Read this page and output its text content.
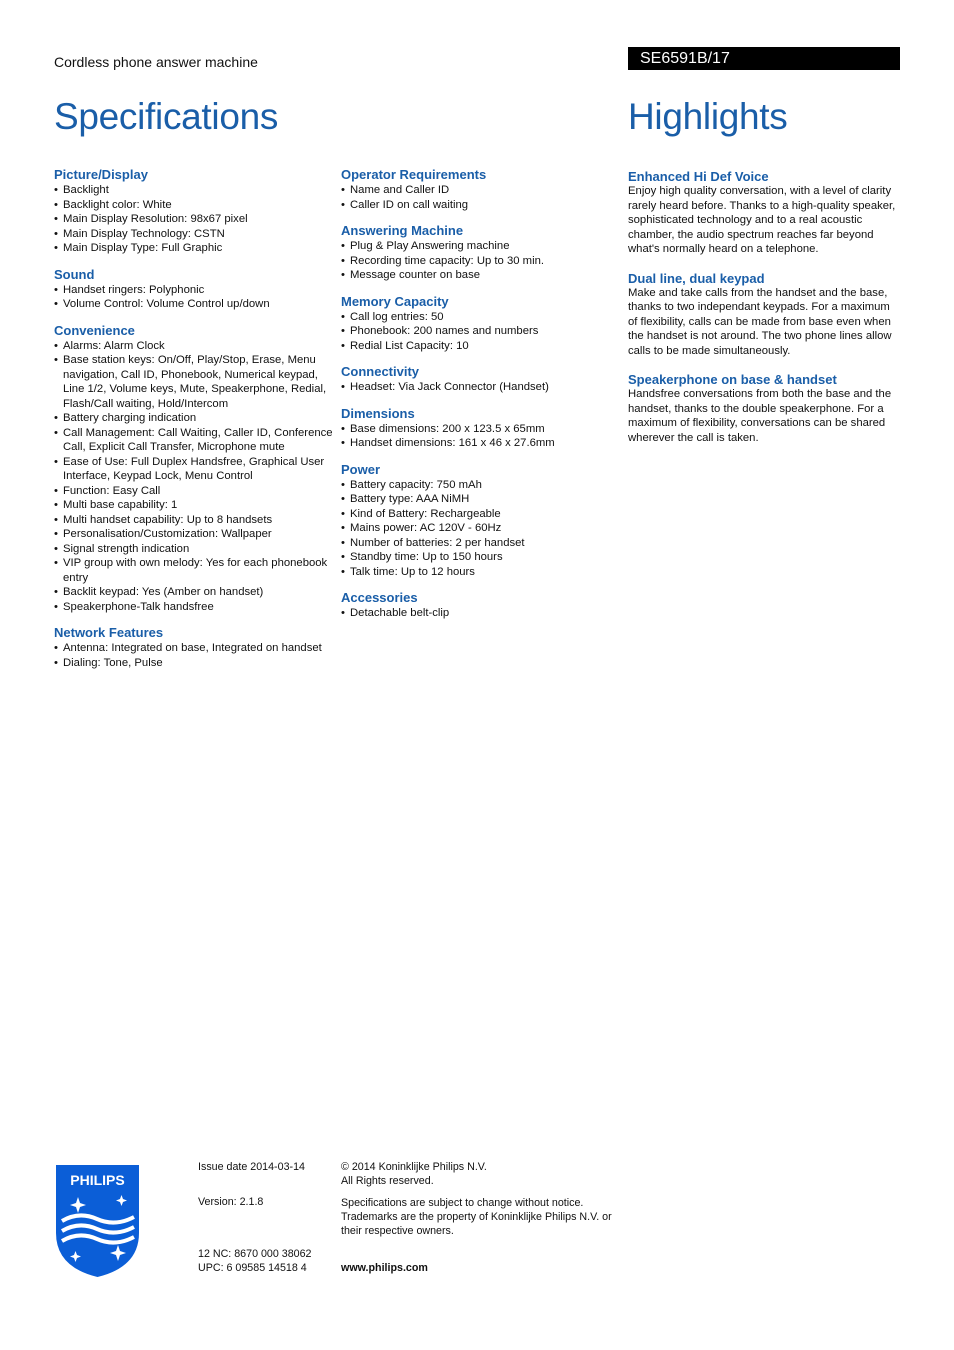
Cordless phone answer machine	SE6591B/17
Specifications	Highlights
Picture/Display
• Backlight
• Backlight color: White
• Main Display Resolution: 98x67 pixel
• Main Display Technology: CSTN
• Main Display Type: Full Graphic
Sound
• Handset ringers: Polyphonic
• Volume Control: Volume Control up/down
Convenience
• Alarms: Alarm Clock
• Base station keys: On/Off, Play/Stop, Erase, Menu navigation, Call ID, Phonebook, Numerical keypad, Line 1/2, Volume keys, Mute, Speakerphone, Redial, Flash/Call waiting, Hold/Intercom
• Battery charging indication
• Call Management: Call Waiting, Caller ID, Conference Call, Explicit Call Transfer, Microphone mute
• Ease of Use: Full Duplex Handsfree, Graphical User Interface, Keypad Lock, Menu Control
• Function: Easy Call
• Multi base capability: 1
• Multi handset capability: Up to 8 handsets
• Personalisation/Customization: Wallpaper
• Signal strength indication
• VIP group with own melody: Yes for each phonebook entry
• Backlit keypad: Yes (Amber on handset)
• Speakerphone-Talk handsfree
Network Features
• Antenna: Integrated on base, Integrated on handset
• Dialing: Tone, Pulse
Operator Requirements
• Name and Caller ID
• Caller ID on call waiting
Answering Machine
• Plug & Play Answering machine
• Recording time capacity: Up to 30 min.
• Message counter on base
Memory Capacity
• Call log entries: 50
• Phonebook: 200 names and numbers
• Redial List Capacity: 10
Connectivity
• Headset: Via Jack Connector (Handset)
Dimensions
• Base dimensions: 200 x 123.5 x 65mm
• Handset dimensions: 161 x 46 x 27.6mm
Power
• Battery capacity: 750 mAh
• Battery type: AAA NiMH
• Kind of Battery: Rechargeable
• Mains power: AC 120V - 60Hz
• Number of batteries: 2 per handset
• Standby time: Up to 150 hours
• Talk time: Up to 12 hours
Accessories
• Detachable belt-clip
Enhanced Hi Def Voice
Enjoy high quality conversation, with a level of clarity rarely heard before. Thanks to a high-quality speaker, sophisticated technology and to a real acoustic chamber, the audio spectrum reaches far beyond what's normally heard on a telephone.
Dual line, dual keypad
Make and take calls from the handset and the base, thanks to two independant keypads. For a maximum of flexibility, calls can be made from base even when the handset is not around. The two phone lines allow calls to be made simultaneously.
Speakerphone on base & handset
Handsfree conversations from both the base and the handset, thanks to the double speakerphone. For a maximum of flexibility, conversations can be shared wherever the call is taken.
PHILIPS
Issue date 2014-03-14
Version: 2.1.8
12 NC: 8670 000 38062
UPC: 6 09585 14518 4
© 2014 Koninklijke Philips N.V.
All Rights reserved.
Specifications are subject to change without notice. Trademarks are the property of Koninklijke Philips N.V. or their respective owners.
www.philips.com
